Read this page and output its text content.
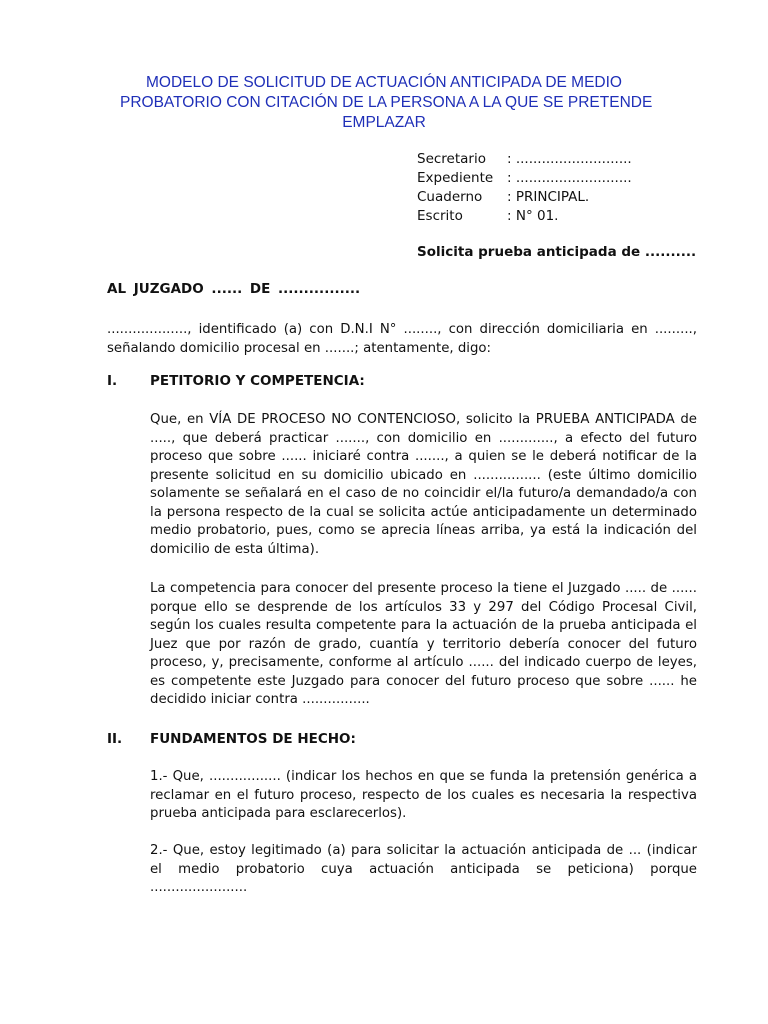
MODELO DE SOLICITUD DE ACTUACIÓN ANTICIPADA DE MEDIO
PROBATORIO CON CITACIÓN DE LA PERSONA A LA QUE SE PRETENDE
EMPLAZAR
Secretario	: ...........................
Expediente	: ...........................
Cuaderno	: PRINCIPAL.
Escrito	: N° 01.
Solicita prueba anticipada de ..........
AL JUZGADO ...... DE ................
..................., identificado (a) con D.N.I N° ........, con dirección domiciliaria en ........., señalando domicilio procesal en .......; atentamente, digo:
I. PETITORIO Y COMPETENCIA:
Que, en VÍA DE PROCESO NO CONTENCIOSO, solicito la PRUEBA ANTICIPADA de ....., que deberá practicar ......., con domicilio en ............., a efecto del futuro proceso que sobre ...... iniciaré contra ......., a quien se le deberá notificar de la presente solicitud en su domicilio ubicado en ................ (este último domicilio solamente se señalará en el caso de no coincidir el/la futuro/a demandado/a con la persona respecto de la cual se solicita actúe anticipadamente un determinado medio probatorio, pues, como se aprecia líneas arriba, ya está la indicación del domicilio de esta última).
La competencia para conocer del presente proceso la tiene el Juzgado ..... de ...... porque ello se desprende de los artículos 33 y 297 del Código Procesal Civil, según los cuales resulta competente para la actuación de la prueba anticipada el Juez que por razón de grado, cuantía y territorio debería conocer del futuro proceso, y, precisamente, conforme al artículo ...... del indicado cuerpo de leyes, es competente este Juzgado para conocer del futuro proceso que sobre ...... he decidido iniciar contra ................
II. FUNDAMENTOS DE HECHO:
1.- Que, ................. (indicar los hechos en que se funda la pretensión genérica a reclamar en el futuro proceso, respecto de los cuales es necesaria la respectiva prueba anticipada para esclarecerlos).
2.- Que, estoy legitimado (a) para solicitar la actuación anticipada de ... (indicar el medio probatorio cuya actuación anticipada se peticiona) porque .......................
